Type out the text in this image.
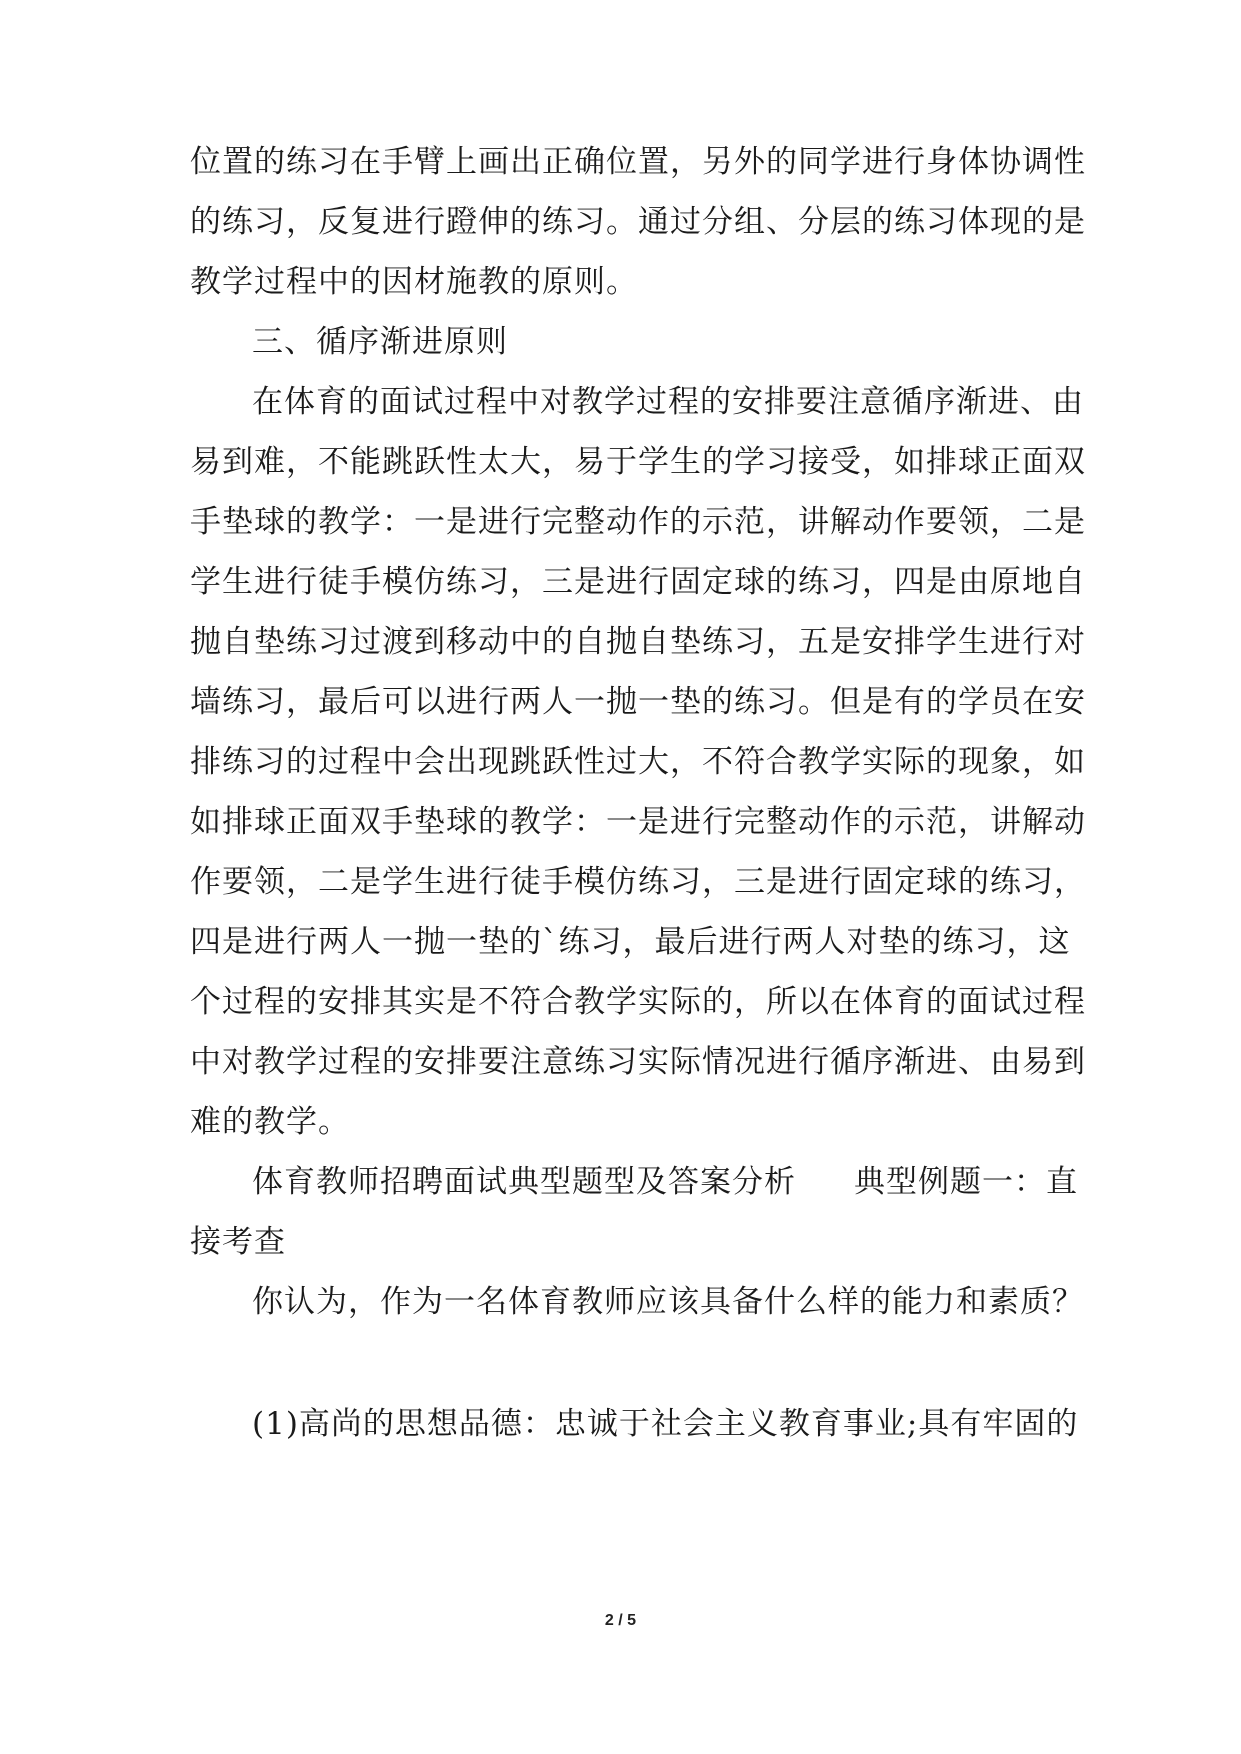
位置的练习在手臂上画出正确位置，另外的同学进行身体协调性
的练习，反复进行蹬伸的练习。通过分组、分层的练习体现的是
教学过程中的因材施教的原则。
三、循序渐进原则
在体育的面试过程中对教学过程的安排要注意循序渐进、由
易到难，不能跳跃性太大，易于学生的学习接受，如排球正面双
手垫球的教学：一是进行完整动作的示范，讲解动作要领，二是
学生进行徒手模仿练习，三是进行固定球的练习，四是由原地自
抛自垫练习过渡到移动中的自抛自垫练习，五是安排学生进行对
墙练习，最后可以进行两人一抛一垫的练习。但是有的学员在安
排练习的过程中会出现跳跃性过大，不符合教学实际的现象，如
如排球正面双手垫球的教学：一是进行完整动作的示范，讲解动
作要领，二是学生进行徒手模仿练习，三是进行固定球的练习，
四是进行两人一抛一垫的`练习，最后进行两人对垫的练习，这
个过程的安排其实是不符合教学实际的，所以在体育的面试过程
中对教学过程的安排要注意练习实际情况进行循序渐进、由易到
难的教学。
体育教师招聘面试典型题型及答案分析 典型例题一：直
接考查
你认为，作为一名体育教师应该具备什么样的能力和素质？
(1)高尚的思想品德：忠诚于社会主义教育事业;具有牢固的
2 / 5
